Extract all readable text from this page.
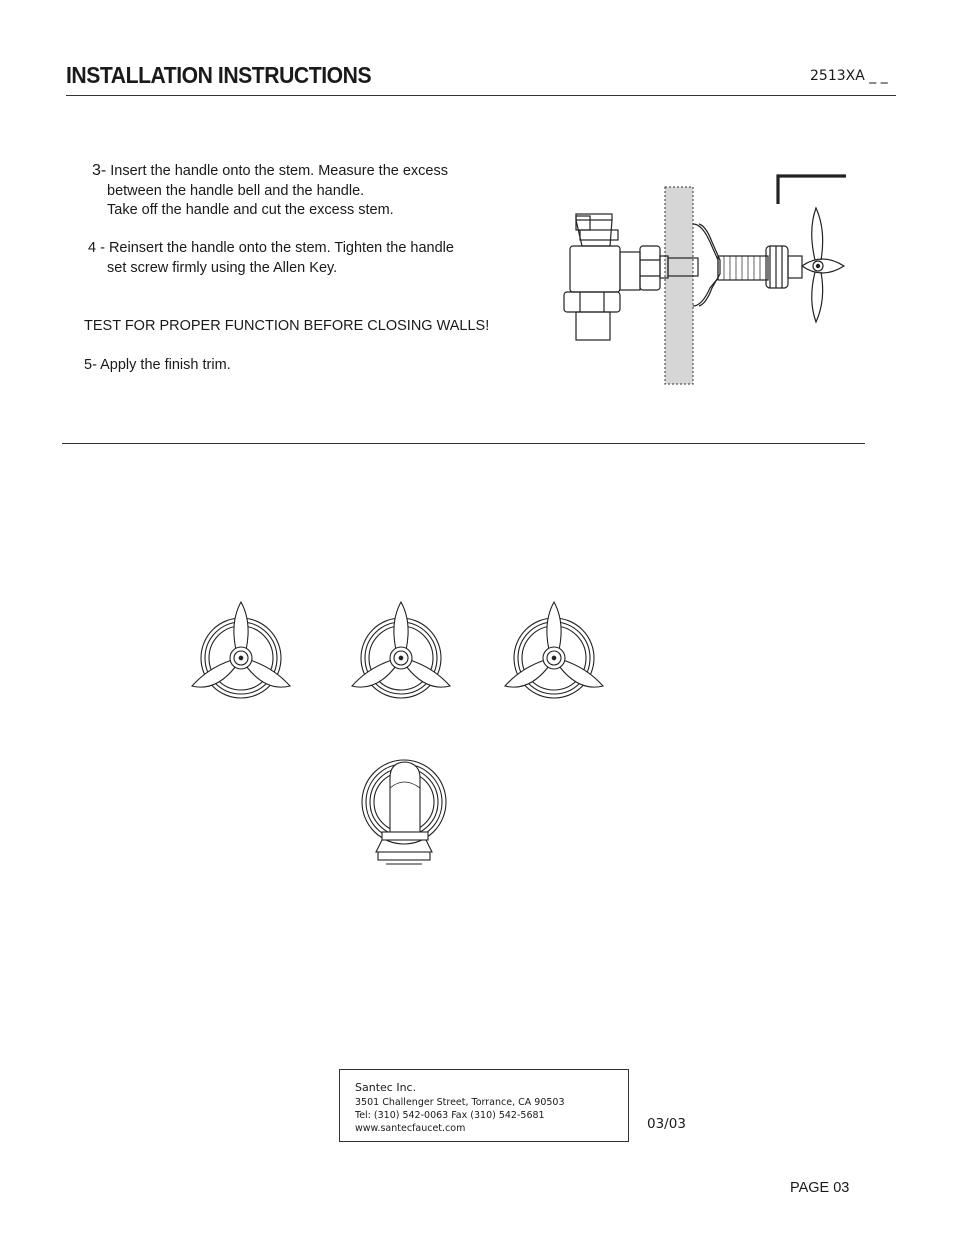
INSTALLATION INSTRUCTIONS	2513XA _ _
3- Insert the handle onto the stem. Measure the excess
between the handle bell and the handle.
Take off the handle and cut the excess stem.
4 - Reinsert the handle onto the stem. Tighten the handle
set screw firmly using the Allen Key.
TEST FOR PROPER FUNCTION BEFORE CLOSING WALLS!
5- Apply the finish trim.
Santec Inc.
3501 Challenger Street, Torrance, CA 90503
Tel: (310) 542-0063 Fax (310) 542-5681
www.santecfaucet.com	03/03
PAGE 03
